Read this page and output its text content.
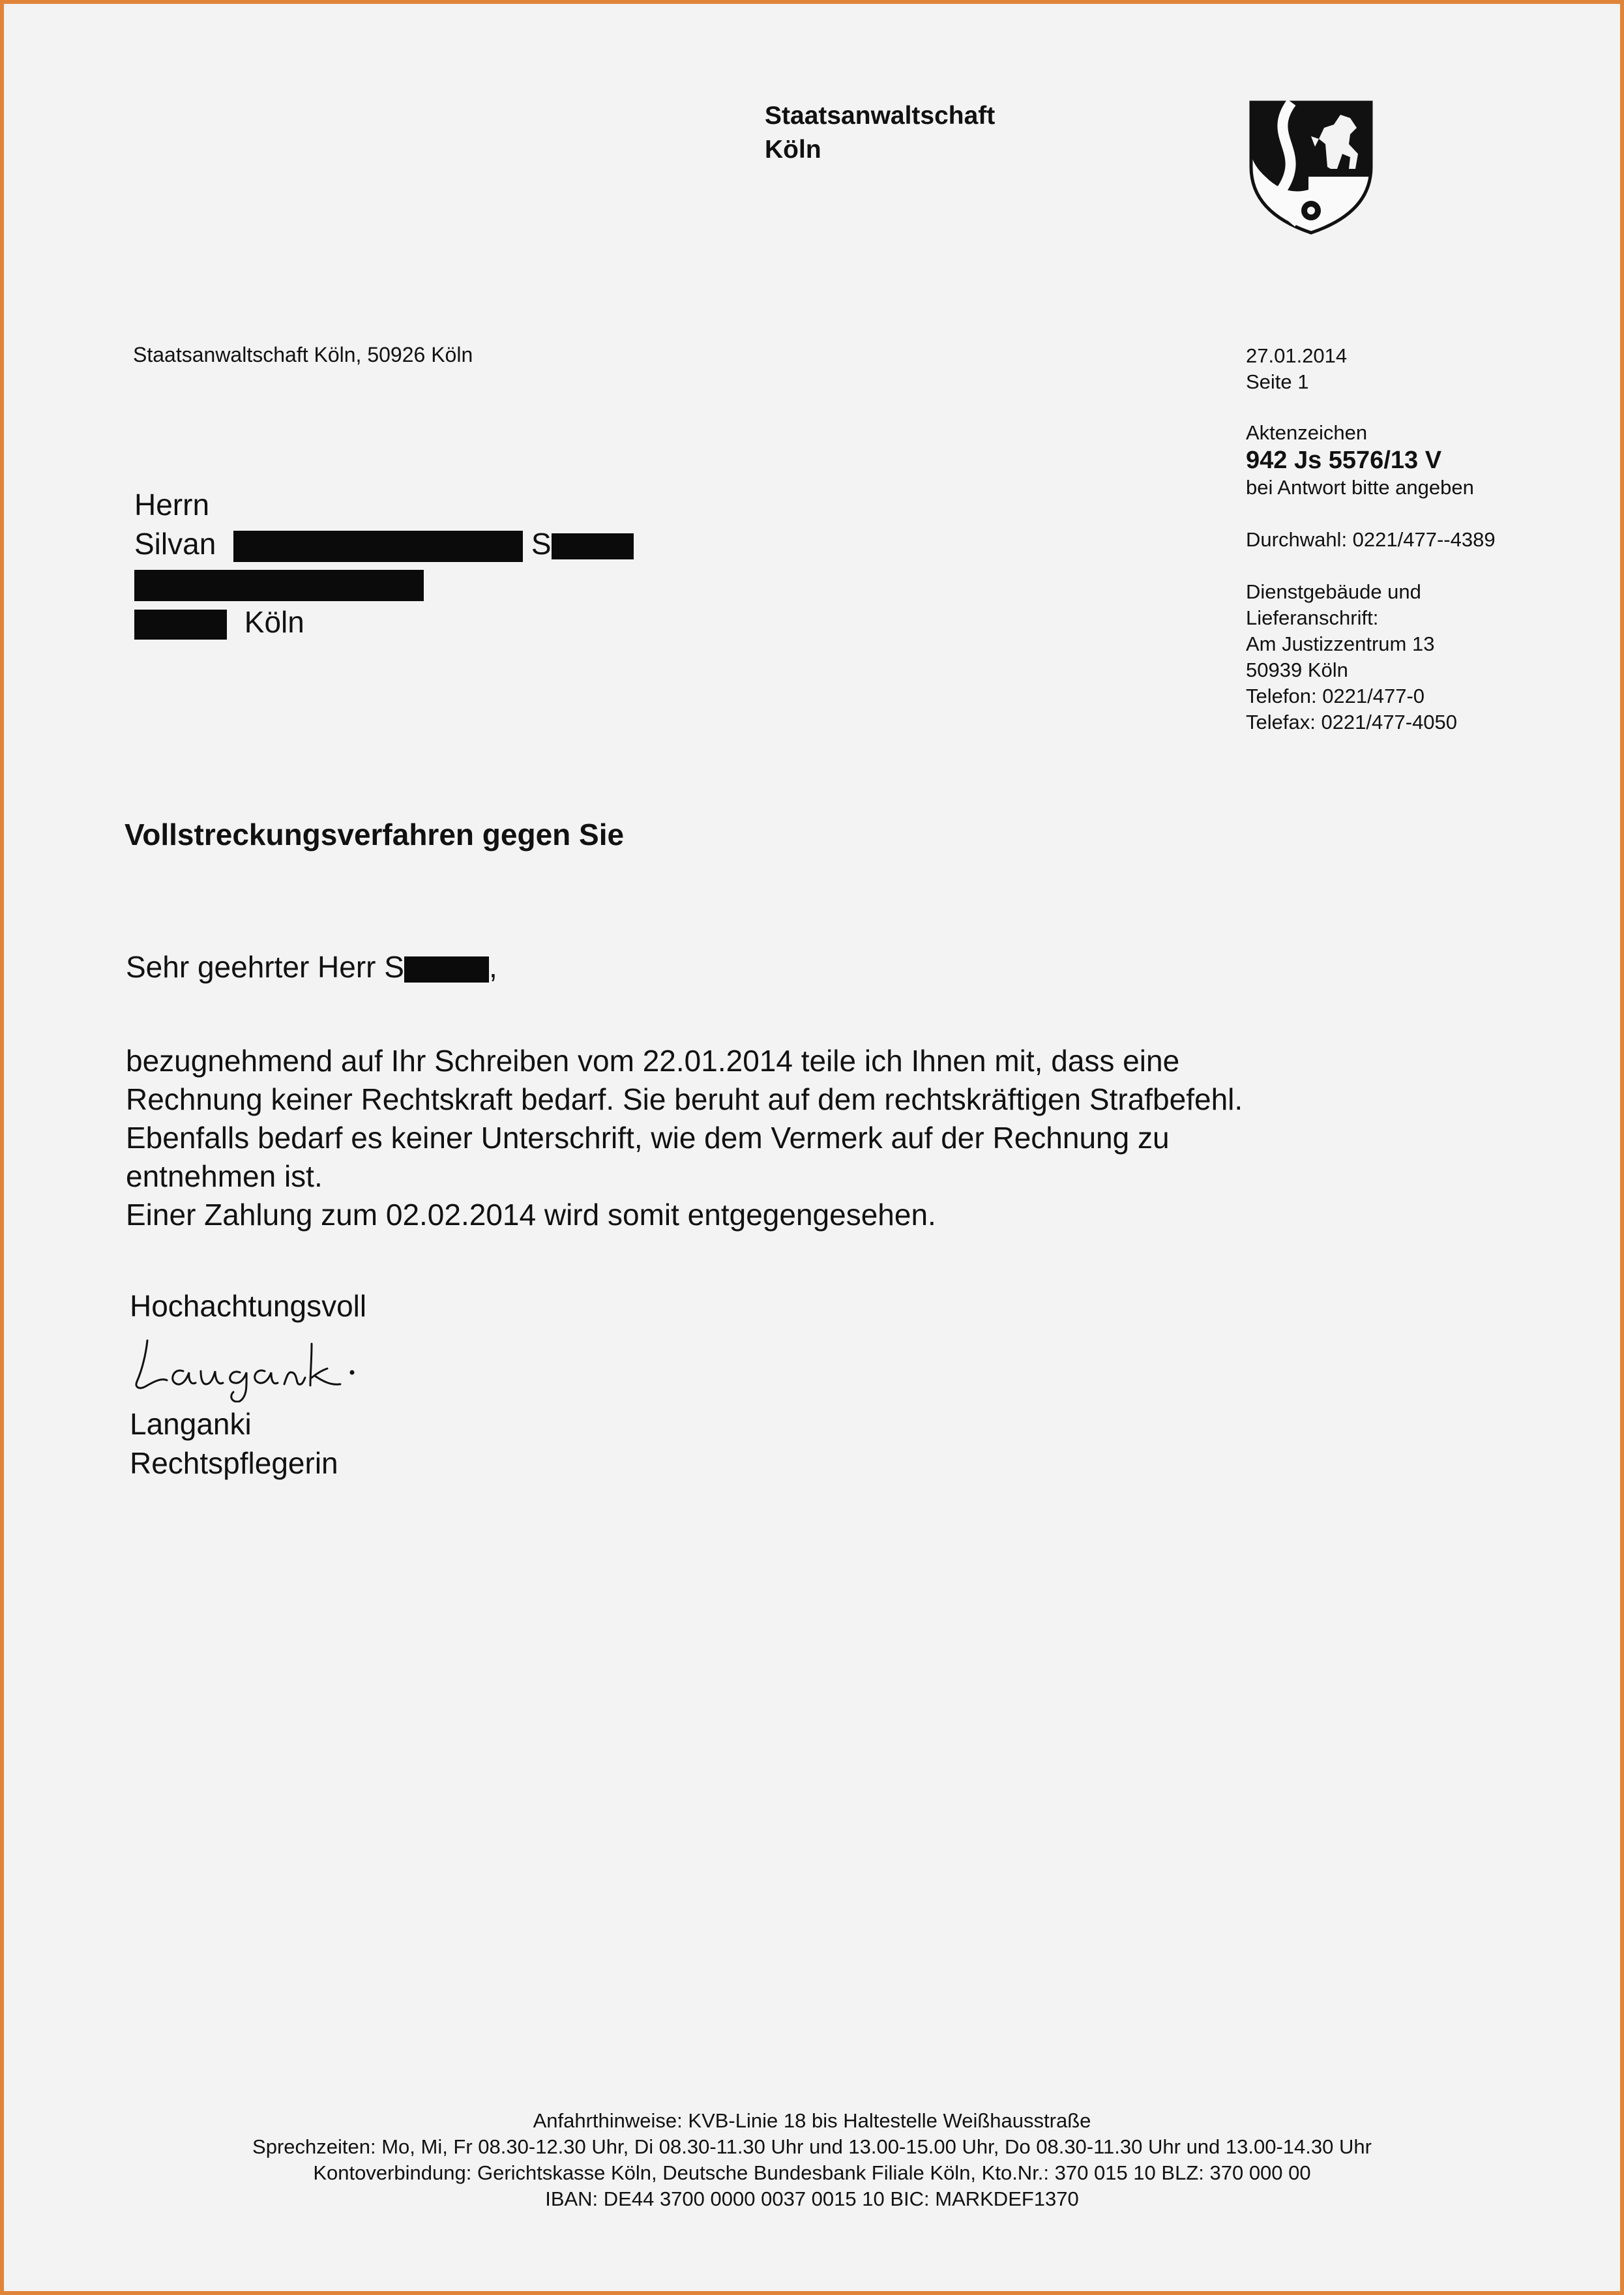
Staatsanwaltschaft
Köln
Staatsanwaltschaft Köln, 50926 Köln	27.01.2014
Seite 1
Aktenzeichen
942 Js 5576/13 V
bei Antwort bitte angeben
Durchwahl: 0221/477--4389
Dienstgebäude und
Lieferanschrift:
Am Justizzentrum 13
50939 Köln
Telefon: 0221/477-0
Telefax: 0221/477-4050
Herrn
Silvan	S
Köln
Vollstreckungsverfahren gegen Sie
Sehr geehrter Herr S	,

bezugnehmend auf Ihr Schreiben vom 22.01.2014 teile ich Ihnen mit, dass eine

Rechnung keiner Rechtskraft bedarf. Sie beruht auf dem rechtskräftigen Strafbefehl.

Ebenfalls bedarf es keiner Unterschrift, wie dem Vermerk auf der Rechnung zu

entnehmen ist.

Einer Zahlung zum 02.02.2014 wird somit entgegengesehen.

Hochachtungsvoll
Langanki
Rechtspflegerin
Anfahrthinweise: KVB-Linie 18 bis Haltestelle Weißhausstraße
Sprechzeiten: Mo, Mi, Fr 08.30-12.30 Uhr, Di 08.30-11.30 Uhr und 13.00-15.00 Uhr, Do 08.30-11.30 Uhr und 13.00-14.30 Uhr
Kontoverbindung: Gerichtskasse Köln, Deutsche Bundesbank Filiale Köln, Kto.Nr.: 370 015 10 BLZ: 370 000 00
IBAN: DE44 3700 0000 0037 0015 10 BIC: MARKDEF1370
